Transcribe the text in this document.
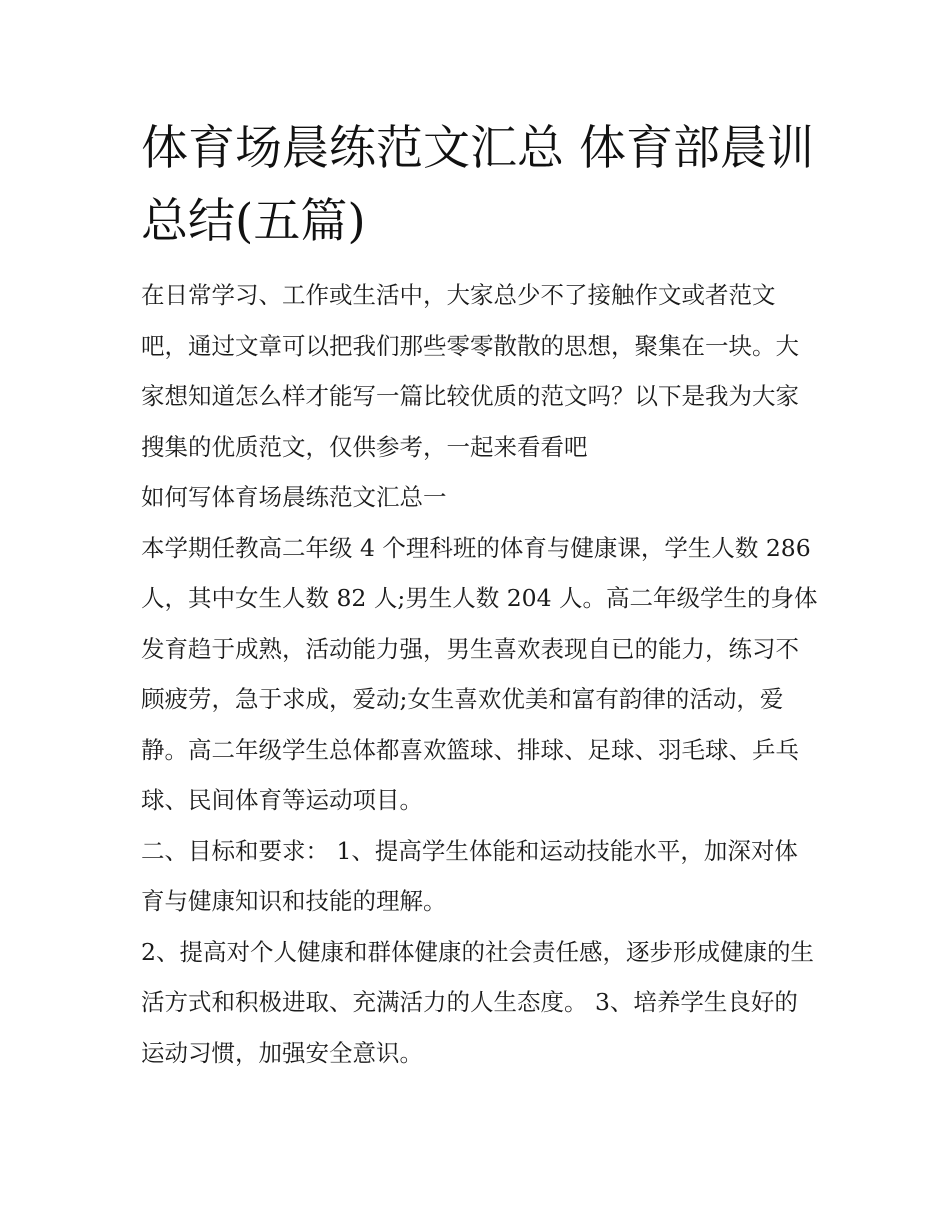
体育场晨练范文汇总 体育部晨训总结(五篇)

在日常学习、工作或生活中，大家总少不了接触作文或者范文吧，通过文章可以把我们那些零零散散的思想，聚集在一块。大家想知道怎么样才能写一篇比较优质的范文吗？以下是我为大家搜集的优质范文，仅供参考，一起来看看吧

如何写体育场晨练范文汇总一

本学期任教高二年级 4 个理科班的体育与健康课，学生人数 286 人，其中女生人数 82 人;男生人数 204 人。高二年级学生的身体发育趋于成熟，活动能力强，男生喜欢表现自已的能力，练习不顾疲劳，急于求成，爱动;女生喜欢优美和富有韵律的活动，爱静。高二年级学生总体都喜欢篮球、排球、足球、羽毛球、乒乓球、民间体育等运动项目。

二、目标和要求： 1、提高学生体能和运动技能水平，加深对体育与健康知识和技能的理解。

2、提高对个人健康和群体健康的社会责任感，逐步形成健康的生活方式和积极进取、充满活力的人生态度。 3、培养学生良好的运动习惯，加强安全意识。
